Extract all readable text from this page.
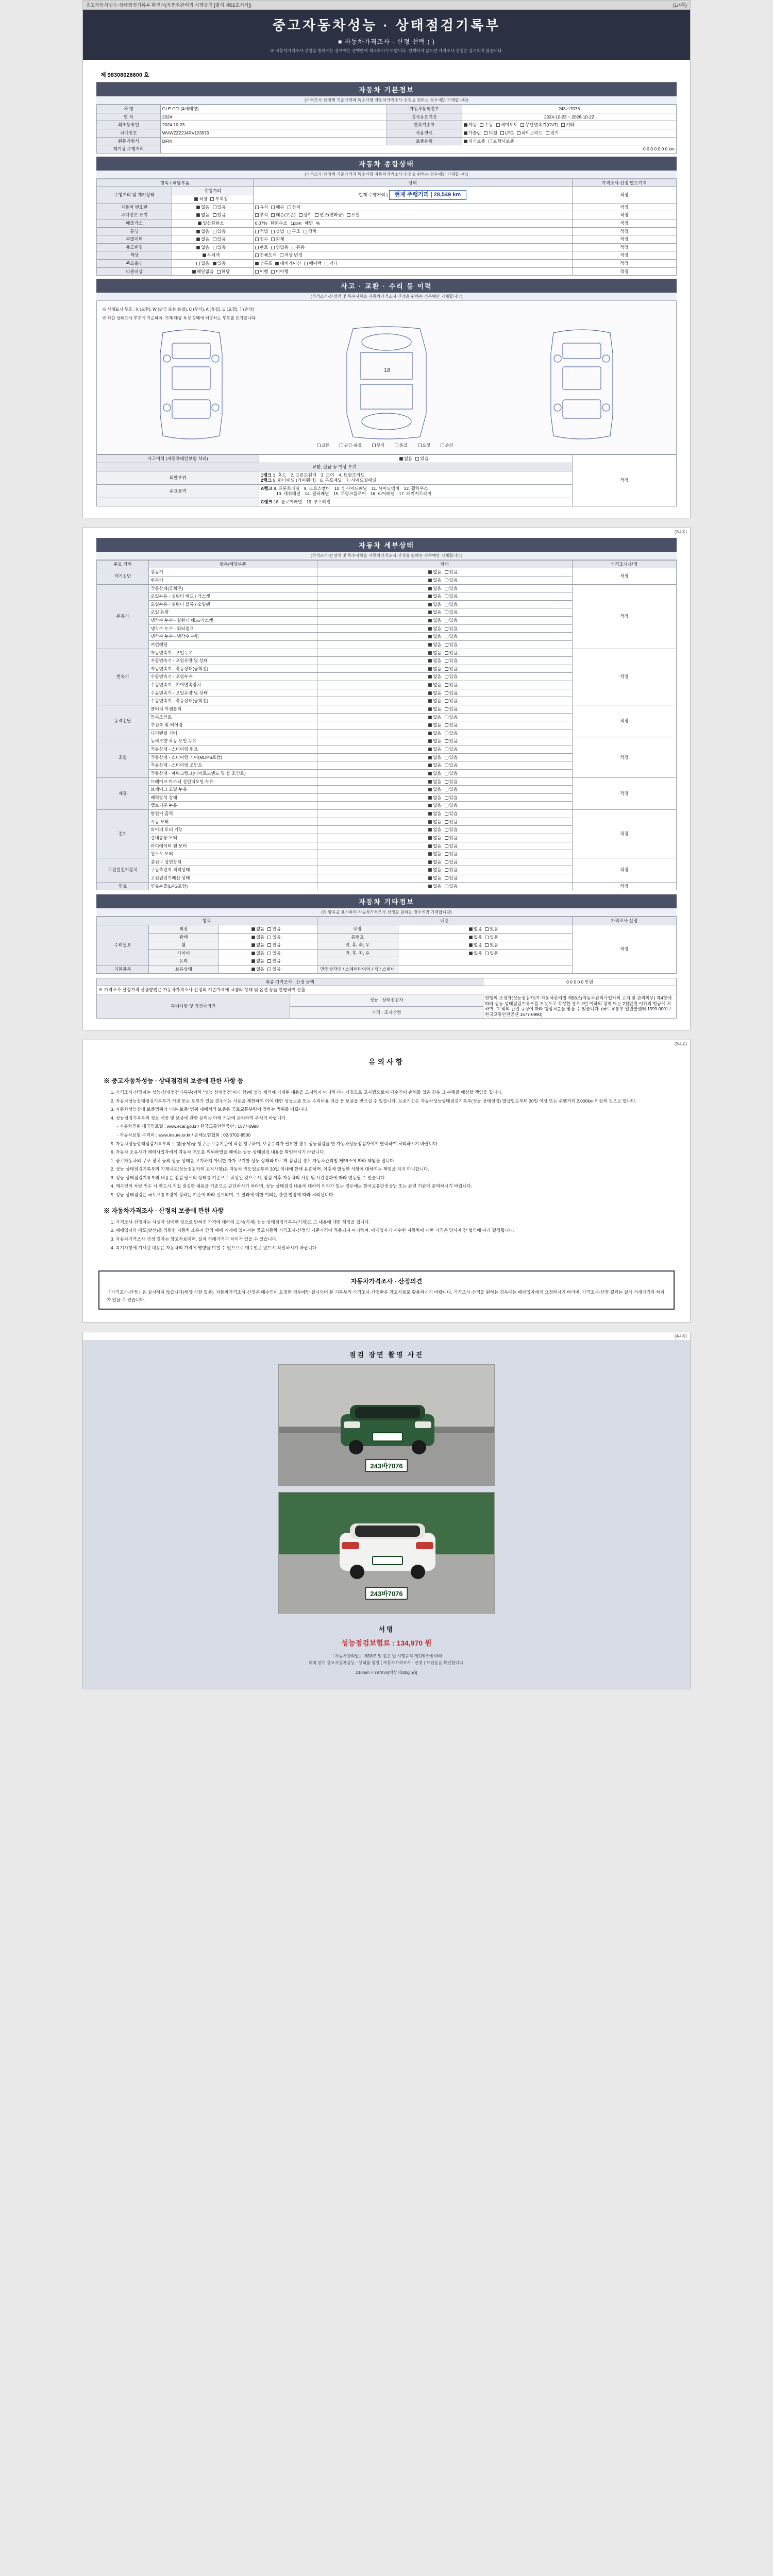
중고자동차성능·상태점검기록부 확인서(자동차관리법 시행규칙 [별지 제82호서식])	(1/4쪽)
중고자동차성능 · 상태점검기록부
■ 자동차가격조사 · 산정 선택 ( )
※ 자동차가격조사·산정을 원하시는 경우에는 선택란에 체크하시기 바랍니다. 선택하지 않으면 가격조사·산정은 실시되지 않습니다.
제 98308026600 호
자동차 기본정보
(가격조사·산정액 기준가격과 특수사항 자동차가격조사·산정을 원하는 경우에만 기재합니다)
차 명	GLE GTI (4세대형)	자동차등록번호	243バ7076
연 식	2024	검사유효기간	2024-10-23 ~ 2026-10-22
최초등록일	2024-10-23	변속기종류	자동 수동 세미오토 무단변속기(CVT) 기타
차대번호	WVWZZZ2J4RV123970	사용연료	가솔린 디젤 LPG 하이브리드 전기
원동기형식	DFIN	보증유형	자기보증 보험사보증
계기상 주행거리	0 0 0 0 0 0 0 km		
자동차 종합상태
(가격조사·산정액 기준가격과 특수사항 자동차가격조사·산정을 원하는 경우에만 기재합니다)
항목 / 해당부품		상태	가격조사·산정 별도기재
주행거리 및 계기상태	주행거리	현재 주행거리 | 현재 주행거리 | 28,549 km	적정
	적정 부적정		
자동차 번호판	없음 있음	유지 훼손 상이	적정
차대번호 표기	없음 있음	부식 훼손(오손) 상이 변조(변타공) 도말	적정
배출가스	일산화탄소	0.07% 탄화수소 1ppm 매연 %	적정
튜닝	없음 있음	적법 불법 구조 장치	적정
특별이력	없음 있음	침수 화재	적정
용도변경	없음 있음	렌트 영업용 관용	적정
색상	무채색	전체도색 색상 변경	적정
주요옵션	없음 있음	선루프 내비게이션 에어백 기타	적정
리콜대상	해당없음 해당	이행 미이행	적정
사고 · 교환 · 수리 등 이력
(가격조사·산정액 및 특수사항을 자동차가격조사·산정을 원하는 경우에만 기재합니다)
※ 상태표시 부호 : X (교환), W (판금 또는 용접), C (부식), A (흠집), U (요철), T (손상)
※ 하단 상태표시 부호에 기준하여, 기재 대상 특성 상태에 해당하는 부호를 표기합니다.
18
교환	판금·용접	부식	흠집	요철	손상
사고이력 (자동차대인보험 처리)	없음 있음	적정
교환, 판금 등 이상 부위		
외판부위	1랭크 1. 후드 2. 프론트휀더 3. 도어 4. 트렁크리드
2랭크 5. 쿼터패널 (리어휀더) 6. 루프패널 7. 사이드실패널	

주요골격	A랭크 8. 프론트패널 9. 크로스멤버 10. 인사이드패널 11. 사이드멤버 12. 휠하우스
13. 대쉬패널 14. 필러패널 15. 트렁크플로어 16. 리어패널 17. 패키지트레이	

	C랭크 18. 플로어패널 19. 루프레일	
(2/4쪽)
자동차 세부상태
(가격조사·산정액 및 특수사항을 자동차가격조사·산정을 원하는 경우에만 기재합니다)
주요 장치	항목/해당부품	상태	가격조사·산정
자기진단	원동기	없음 있음	적정
	변속기	없음 있음	
원동기	작동상태(공회전)	없음 있음	적정
	오일누유 - 실린더 헤드 / 가스켓	없음 있음	
	오일누유 - 실린더 블록 / 오일팬	없음 있음	
	오일 유량	없음 있음	
	냉각수 누수 - 실린더 헤드/가스켓	없음 있음	
	냉각수 누수 - 워터펌프	없음 있음	
	냉각수 누수 - 냉각수 수량	없음 있음	
	커먼레일	없음 있음	
변속기	자동변속기 - 오일누유	없음 있음	적정
	자동변속기 - 오일유량 및 상태	없음 있음	
	자동변속기 - 작동상태(공회전)	없음 있음	
	수동변속기 - 오일누유	없음 있음	
	수동변속기 - 기어변속장치	없음 있음	
	수동변속기 - 오일유량 및 상태	없음 있음	
	수동변속기 - 작동상태(공회전)	없음 있음	
동력전달	클러치 어셈블리	없음 있음	적정
	등속조인트	없음 있음	
	추진축 및 베어링	없음 있음	
	디퍼렌셜 기어	없음 있음	
조향	동력조향 작동 오일 누유	없음 있음	적정
	작동상태 - 스티어링 펌프	없음 있음	
	작동상태 - 스티어링 기어(MDPS포함)	없음 있음	
	작동상태 - 스티어링 조인트	없음 있음	
	작동상태 - 파워크랭크(타이로드엔드 및 볼 조인트)	없음 있음	
제동	브레이크 마스터 실린더오일 누유	없음 있음	적정
	브레이크 오일 누유	없음 있음	
	배력장치 상태	없음 있음	
	밸브기구 누유	없음 있음	
전기	발전기 출력	없음 있음	적정
	시동 모터	없음 있음	
	와이퍼 모터 기능	없음 있음	
	실내송풍 모터	없음 있음	
	라디에이터 팬 모터	없음 있음	
	윈도우 모터	없음 있음	
고전원전기장치	충전구 절연상태	없음 있음	적정
	구동축전지 격리상태	없음 있음	
	고전원전기배선 상태	없음 있음	
연료	연료누출(LPG포함)	없음 있음	적정
자동차 기타정보
(※ 항목을 표시하며 자동차가격조사·산정을 원하는 경우에만 기재합니다)
항목			내용		가격조사·산정
수리필요	외장	없음 있음	내장	없음 있음	적정
	광택	없음 있음	룸램프	없음 있음	
	휠	없음 있음	전, 후, 좌, 우	없음 있음	
	타이어	없음 있음	전, 후, 좌, 우	없음 있음	
	유리	없음 있음			
기본품목	보유상태	없음 있음	안전삼각대 / 스페어타이어 / 잭 / 스패너		
최종 가격조사 · 산정 금액		0 0 0 0 0 만원
※ 가격조사·산정가격 산출방법은 자동차가격조사·산정의 기준가격에 차량의 상태 및 옵션 등을 반영하여 산출		
특이사항 및 점검자의견	성능 · 상태점검자	현행의 조정자(성능점검자)가 자동차관리법 제58조(자동차관리사업자의 고지 및 관리의무) 제4항에 따라 성능·상태점검기록부를 거짓으로 작성한 경우 2년 이하의 징역 또는 2천만원 이하의 벌금에 처하며, 그 밖의 관련 규정에 따라 행정처분을 받을 수 있습니다. (국토교통부 민원콜센터 1599-0001 / 한국교통안전공단 1577-0990)
	가격 · 조사산정	
(3/4쪽)
유의사항
※ 중고자동차성능 · 상태점검의 보증에 관한 사항 등

1. 가격조사·산정자는 성능·상태점검기록부(이하 "성능 상태점검"이라 함)에 성능 제외에 기재된 내용을 고지하지 아니하거나 거짓으로 고지했으로써 매수인이 손해를 입은 경우 그 손해를 배상할 책임을 집니다.

2. 자동차성능상태점검기록부가 거짓 또는 오류가 있을 경우에는 사용을 제한하여 이에 대한 성능보증 또는 수리비용 지급 등 보증을 받으실 수 있습니다. 보증기간은 자동차성능상태점검기록부(성능·상태점검) 발급일로부터 30일 이상 또는 주행거리 2,000km 이상의 것으로 합니다.

3. 자동차성능상태 보증범위가 '기본 보증' 범위 내에서의 보증은 국토교통부령이 정하는 범위를 따릅니다.

4. 성능점검기록부의 정보 제공 및 보증에 관한 문의는 아래 기관에 문의하여 주시기 바랍니다.

- 자동차민원 대국민포털 : www.ecar.go.kr / 한국교통안전공단 : 1577-0990

- 자동차보험 수리비 : www.insure.or.kr / 손해보험협회 : 02-3702-8500

5. 자동차성능상태점검기록부의 보험(공제)금 청구는 보증기관에 직접 청구하며, 보증수리가 필요한 경우 성능점검을 한 자동차성능점검자에게 연락하여 처리하시기 바랍니다.

6. 자동차 소유자가 매매사업자에게 자동차 매도를 의뢰하였을 때에는 성능·상태점검 내용을 확인하시기 바랍니다.

1. 중고자동차의 구조·장치 등의 성능·상태를 고지하지 아니한 자가 고지한 성능·상태와 다르게 점검된 경우 자동차관리법 제58조에 따라 책임을 집니다.

2. 성능·상태점검기록부의 기재내용(성능점검자의 고지사항)은 자동차 인도일로부터 30일 이내에 한해 유효하며, 이후에 발생한 사항에 대하여는 책임을 지지 아니합니다.

3. 성능·상태점검기록부의 내용은 점검 당시의 상태를 기준으로 작성된 것으로서, 점검 이후 자동차의 사용 및 시간경과에 따라 변동될 수 있습니다.

4. 매수인이 차량 인수 시 반드시 직접 점검한 내용을 기준으로 판단하시기 바라며, 성능·상태점검 내용에 대하여 이의가 있는 경우에는 한국교통안전공단 또는 관련 기관에 문의하시기 바랍니다.

5. 성능·상태점검은 국토교통부령이 정하는 기준에 따라 실시되며, 그 결과에 대한 이의는 관련 법령에 따라 처리됩니다.

※ 자동차가격조사 · 산정의 보증에 관한 사항

1. 가격조사·산정자는 사실과 상이한 것으로 밝혀진 가격에 대하여 고지(기재) 성능·상태점검기록부(기재)도 그 내용에 대한 책임을 집니다.

2. 매매업자와 매도(알선)를 의뢰한 자동차 소유자 간의 매매 거래에 있어서는 중고자동차 가격조사·산정의 기준가격이 적용되지 아니하며, 매매업자가 매수한 자동차에 대한 가격은 당사자 간 협의에 따라 결정됩니다.

3. 자동차가격조사·산정 결과는 참고자료이며, 실제 거래가격과 차이가 있을 수 있습니다.

4. 특기사항에 기재된 내용은 자동차의 가격에 영향을 미칠 수 있으므로 매수인은 반드시 확인하시기 바랍니다.

자동차가격조사 · 산정의견
「가격조사·산정」은 실시하지 않습니다(해당 사항 없음). 자동차가격조사·산정은 매수인이 요청한 경우에만 실시되며 본 기록부의 가격조사·산정란은 참고자료로 활용하시기 바랍니다. 가격조사·산정을 원하는 경우에는 매매업자에게 요청하시기 바라며, 가격조사·산정 결과는 실제 거래가격과 차이가 있을 수 있습니다.
(4/4쪽)
점검 장면 촬영 사진
243바7076
243바7076
서명
성능점검보험료 : 134,970 원
「자동차관리법」 제58조 및 같은 법 시행규칙 제120조에 따라
위와 같이 중고자동차성능 · 상태를 점검 ( 자동차가격조사 · 산정 ) 하였음을 확인합니다.
210mm × 297mm[백상지(80g/㎡)]
